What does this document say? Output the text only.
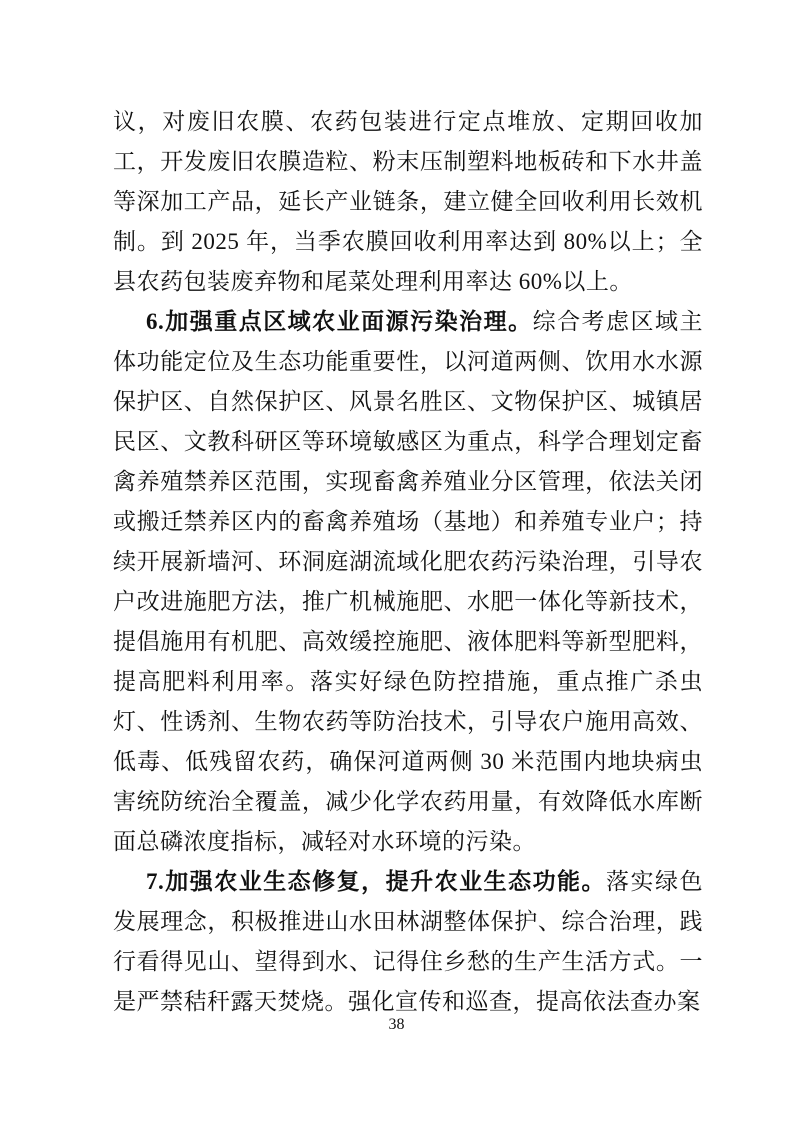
议，对废旧农膜、农药包装进行定点堆放、定期回收加工，开发废旧农膜造粒、粉末压制塑料地板砖和下水井盖等深加工产品，延长产业链条，建立健全回收利用长效机制。到 2025 年，当季农膜回收利用率达到 80%以上；全县农药包装废弃物和尾菜处理利用率达 60%以上。

6.加强重点区域农业面源污染治理。综合考虑区域主体功能定位及生态功能重要性，以河道两侧、饮用水水源保护区、自然保护区、风景名胜区、文物保护区、城镇居民区、文教科研区等环境敏感区为重点，科学合理划定畜禽养殖禁养区范围，实现畜禽养殖业分区管理，依法关闭或搬迁禁养区内的畜禽养殖场（基地）和养殖专业户；持续开展新墙河、环洞庭湖流域化肥农药污染治理，引导农户改进施肥方法，推广机械施肥、水肥一体化等新技术，提倡施用有机肥、高效缓控施肥、液体肥料等新型肥料，提高肥料利用率。落实好绿色防控措施，重点推广杀虫灯、性诱剂、生物农药等防治技术，引导农户施用高效、低毒、低残留农药，确保河道两侧 30 米范围内地块病虫害统防统治全覆盖，减少化学农药用量，有效降低水库断面总磷浓度指标，减轻对水环境的污染。

7.加强农业生态修复，提升农业生态功能。落实绿色发展理念，积极推进山水田林湖整体保护、综合治理，践行看得见山、望得到水、记得住乡愁的生产生活方式。一是严禁秸秆露天焚烧。强化宣传和巡查，提高依法查办案

38
